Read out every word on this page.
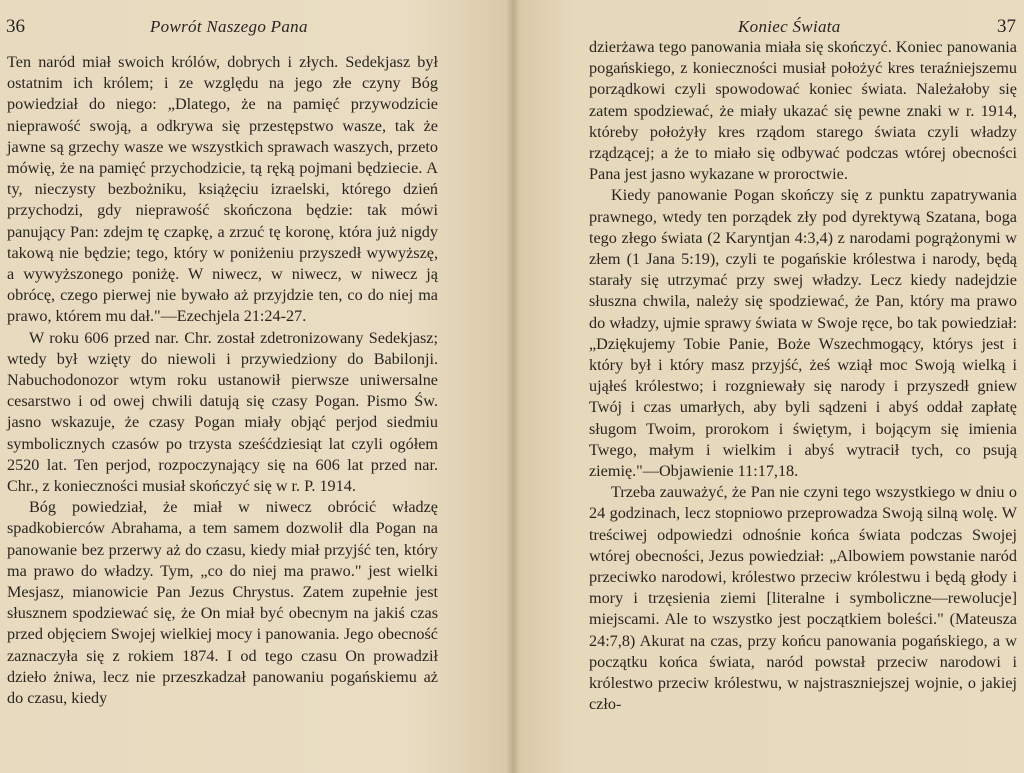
36	Powrót Naszego Pana

Ten naród miał swoich królów, dobrych i złych. Sedekjasz był ostatnim ich królem; i ze względu na jego złe czyny Bóg powiedział do niego: „Dlatego, że na pamięć przywodzicie nieprawość swoją, a odkrywa się przestępstwo wasze, tak że jawne są grzechy wasze we wszystkich sprawach waszych, przeto mówię, że na pamięć przychodzicie, tą ręką pojmani będziecie. A ty, nieczysty bezbożniku, książęciu izraelski, którego dzień przychodzi, gdy nieprawość skończona będzie: tak mówi panujący Pan: zdejm tę czapkę, a zrzuć tę koronę, która już nigdy takową nie będzie; tego, który w poniżeniu przyszedł wywyższę, a wywyższonego poniżę. W niwecz, w niwecz, w niwecz ją obrócę, czego pierwej nie bywało aż przyjdzie ten, co do niej ma prawo, którem mu dał."—Ezechjela 21:24-27.

W roku 606 przed nar. Chr. został zdetronizowany Sedekjasz; wtedy był wzięty do niewoli i przywiedziony do Babilonji. Nabuchodonozor wtym roku ustanowił pierwsze uniwersalne cesarstwo i od owej chwili datują się czasy Pogan. Pismo Św. jasno wskazuje, że czasy Pogan miały objąć perjod siedmiu symbolicznych czasów po trzysta sześćdziesiąt lat czyli ogółem 2520 lat. Ten perjod, rozpoczynający się na 606 lat przed nar. Chr., z konieczności musiał skończyć się w r. P. 1914.

Bóg powiedział, że miał w niwecz obrócić władzę spadkobierców Abrahama, a tem samem dozwolił dla Pogan na panowanie bez przerwy aż do czasu, kiedy miał przyjść ten, który ma prawo do władzy. Tym, „co do niej ma prawo." jest wielki Mesjasz, mianowicie Pan Jezus Chrystus. Zatem zupełnie jest słusznem spodziewać się, że On miał być obecnym na jakiś czas przed objęciem Swojej wielkiej mocy i panowania. Jego obecność zaznaczyła się z rokiem 1874. I od tego czasu On prowadził dzieło żniwa, lecz nie przeszkadzał panowaniu pogańskiemu aż do czasu, kiedy

Koniec Świata	37

dzierżawa tego panowania miała się skończyć. Koniec panowania pogańskiego, z konieczności musiał położyć kres teraźniejszemu porządkowi czyli spowodować koniec świata. Należałoby się zatem spodziewać, że miały ukazać się pewne znaki w r. 1914, któreby położyły kres rządom starego świata czyli władzy rządzącej; a że to miało się odbywać podczas wtórej obecności Pana jest jasno wykazane w proroctwie.

Kiedy panowanie Pogan skończy się z punktu zapatrywania prawnego, wtedy ten porządek zły pod dyrektywą Szatana, boga tego złego świata (2 Karyntjan 4:3,4) z narodami pogrążonymi w złem (1 Jana 5:19), czyli te pogańskie królestwa i narody, będą starały się utrzymać przy swej władzy. Lecz kiedy nadejdzie słuszna chwila, należy się spodziewać, że Pan, który ma prawo do władzy, ujmie sprawy świata w Swoje ręce, bo tak powiedział: „Dziękujemy Tobie Panie, Boże Wszechmogący, którys jest i który był i który masz przyjść, żeś wziął moc Swoją wielką i ująłeś królestwo; i rozgniewały się narody i przyszedł gniew Twój i czas umarłych, aby byli sądzeni i abyś oddał zapłatę sługom Twoim, prorokom i świętym, i bojącym się imienia Twego, małym i wielkim i abyś wytracił tych, co psują ziemię."—Objawienie 11:17,18.

Trzeba zauważyć, że Pan nie czyni tego wszystkiego w dniu o 24 godzinach, lecz stopniowo przeprowadza Swoją silną wolę. W treściwej odpowiedzi odnośnie końca świata podczas Swojej wtórej obecności, Jezus powiedział: „Albowiem powstanie naród przeciwko narodowi, królestwo przeciw królestwu i będą głody i mory i trzęsienia ziemi [literalne i symboliczne—rewolucje] miejscami. Ale to wszystko jest początkiem boleści." (Mateusza 24:7,8) Akurat na czas, przy końcu panowania pogańskiego, a w początku końca świata, naród powstał przeciw narodowi i królestwo przeciw królestwu, w najstraszniejszej wojnie, o jakiej czło-
